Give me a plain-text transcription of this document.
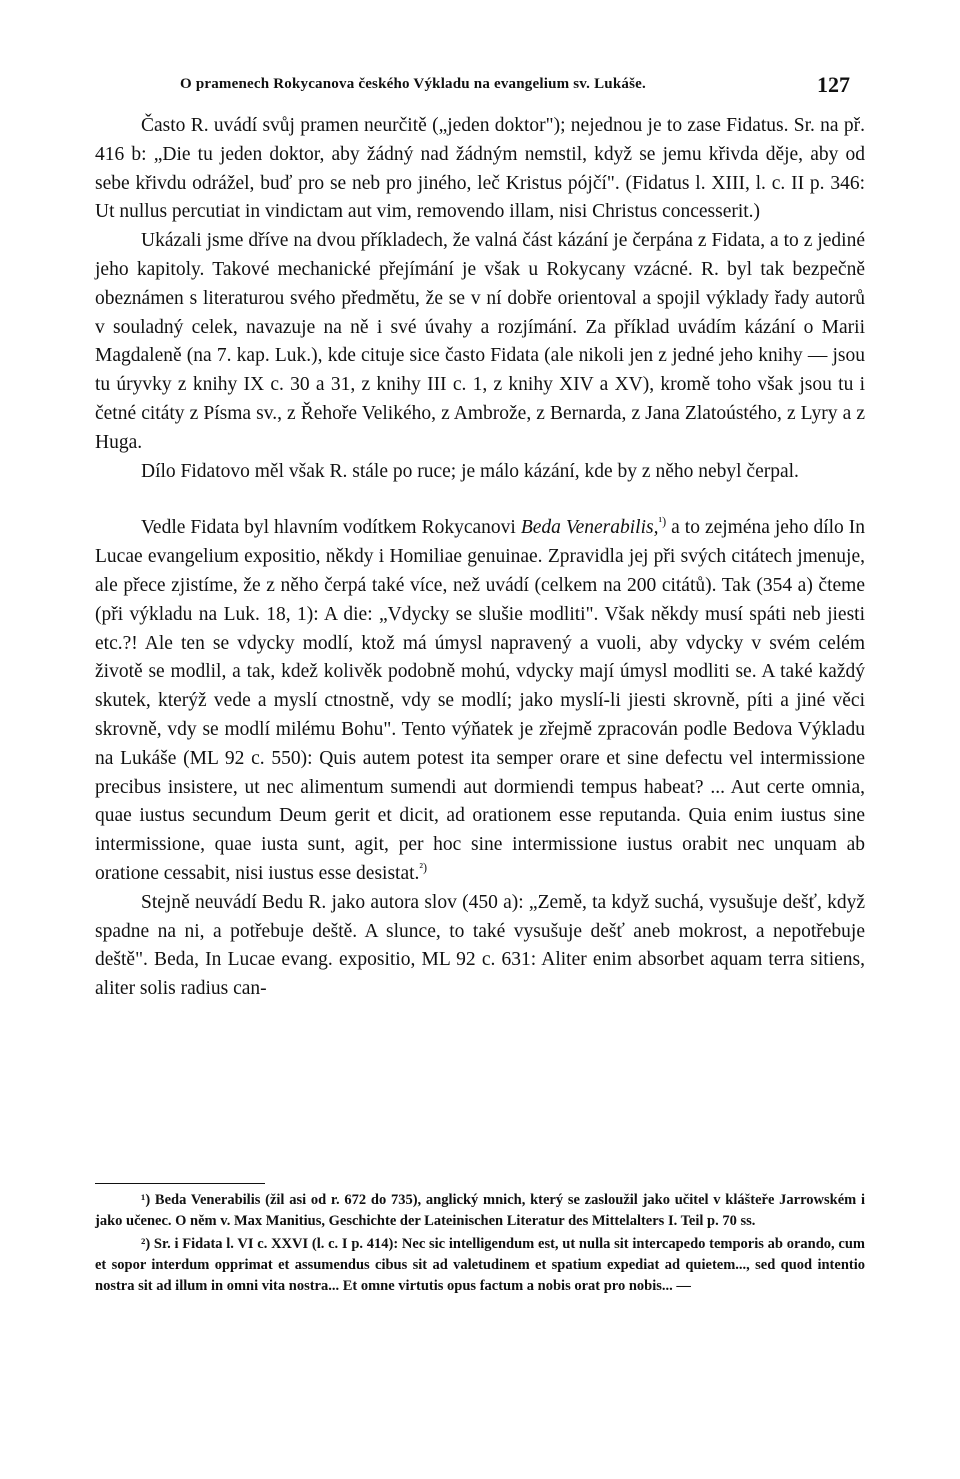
O pramenech Rokycanova českého Výkladu na evangelium sv. Lukáše.	127

Často R. uvádí svůj pramen neurčitě („jeden doktor"); nejednou je to zase Fidatus. Sr. na př. 416 b: „Die tu jeden doktor, aby žádný nad žádným nemstil, když se jemu křivda děje, aby od sebe křivdu odrážel, buď pro se neb pro jiného, leč Kristus pójčí". (Fidatus l. XIII, l. c. II p. 346: Ut nullus percutiat in vindictam aut vim, removendo illam, nisi Christus concesserit.)

Ukázali jsme dříve na dvou příkladech, že valná část kázání je čerpána z Fidata, a to z jediné jeho kapitoly. Takové mechanické přejímání je však u Rokycany vzácné. R. byl tak bezpečně obeznámen s literaturou svého předmětu, že se v ní dobře orientoval a spojil výklady řady autorů v souladný celek, navazuje na ně i své úvahy a rozjímání. Za příklad uvádím kázání o Marii Magdaleně (na 7. kap. Luk.), kde cituje sice často Fidata (ale nikoli jen z jedné jeho knihy — jsou tu úryvky z knihy IX c. 30 a 31, z knihy III c. 1, z knihy XIV a XV), kromě toho však jsou tu i četné citáty z Písma sv., z Řehoře Velikého, z Ambrože, z Bernarda, z Jana Zlatoústého, z Lyry a z Huga.

Dílo Fidatovo měl však R. stále po ruce; je málo kázání, kde by z něho nebyl čerpal.

Vedle Fidata byl hlavním vodítkem Rokycanovi Beda Venerabilis,$^{^1)}$ a to zejména jeho dílo In Lucae evangelium expositio, někdy i Homiliae genuinae. Zpravidla jej při svých citátech jmenuje, ale přece zjistíme, že z něho čerpá také více, než uvádí (celkem na 200 citátů). Tak (354 a) čteme (při výkladu na Luk. 18, 1): A die: „Vdycky se slušie modliti". Však někdy musí spáti neb jiesti etc.?! Ale ten se vdycky modlí, ktož má úmysl napravený a vuoli, aby vdycky v svém celém životě se modlil, a tak, kdež kolivěk podobně mohú, vdycky mají úmysl modliti se. A také každý skutek, kterýž vede a myslí ctnostně, vdy se modlí; jako myslí-li jiesti skrovně, píti a jiné věci skrovně, vdy se modlí milému Bohu". Tento výňatek je zřejmě zpracován podle Bedova Výkladu na Lukáše (ML 92 c. 550): Quis autem potest ita semper orare et sine defectu vel intermissione precibus insistere, ut nec alimentum sumendi aut dormiendi tempus habeat? ... Aut certe omnia, quae iustus secundum Deum gerit et dicit, ad orationem esse reputanda. Quia enim iustus sine intermissione, quae iusta sunt, agit, per hoc sine intermissione iustus orabit nec unquam ab oratione cessabit, nisi iustus esse desistat.$^{^2)}$

Stejně neuvádí Bedu R. jako autora slov (450 a): „Země, ta když suchá, vysušuje dešť, když spadne na ni, a potřebuje deště. A slunce, to také vysušuje dešť aneb mokrost, a nepotřebuje deště". Beda, In Lucae evang. expositio, ML 92 c. 631: Aliter enim absorbet aquam terra sitiens, aliter solis radius can-

¹) Beda Venerabilis (žil asi od r. 672 do 735), anglický mnich, který se zasloužil jako učitel v klášteře Jarrowském i jako učenec. O něm v. Max Manitius, Geschichte der Lateinischen Literatur des Mittelalters I. Teil p. 70 ss.

²) Sr. i Fidata l. VI c. XXVI (l. c. I p. 414): Nec sic intelligendum est, ut nulla sit intercapedo temporis ab orando, cum et sopor interdum opprimat et assumendus cibus sit ad valetudinem et spatium expediat ad quietem..., sed quod intentio nostra sit ad illum in omni vita nostra... Et omne virtutis opus factum a nobis orat pro nobis... —
